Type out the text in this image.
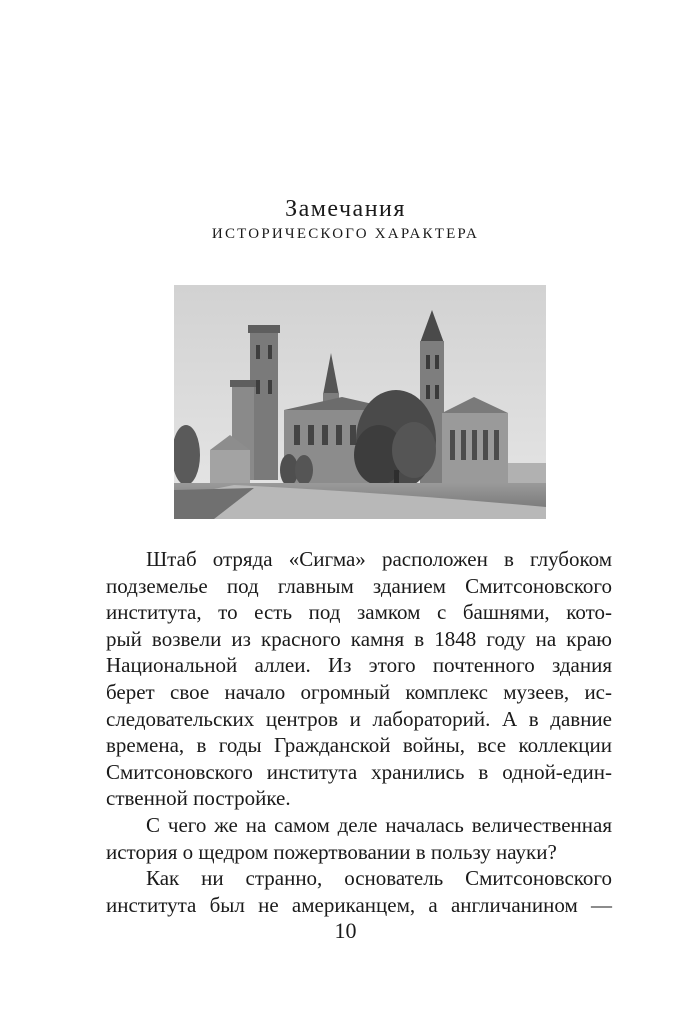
Замечания
ИСТОРИЧЕСКОГО ХАРАКТЕРА

Штаб отряда «Сигма» расположен в глубоком
подземелье под главным зданием Смитсоновского
института, то есть под замком с башнями, кото-
рый возвели из красного камня в 1848 году на краю
Национальной аллеи. Из этого почтенного здания
берет свое начало огромный комплекс музеев, ис-
следовательских центров и лабораторий. А в давние
времена, в годы Гражданской войны, все коллекции
Смитсоновского института хранились в одной-един-
ственной постройке.

С чего же на самом деле началась величественная
история о щедром пожертвовании в пользу науки?

Как ни странно, основатель Смитсоновского
института был не американцем, а англичанином —

10
